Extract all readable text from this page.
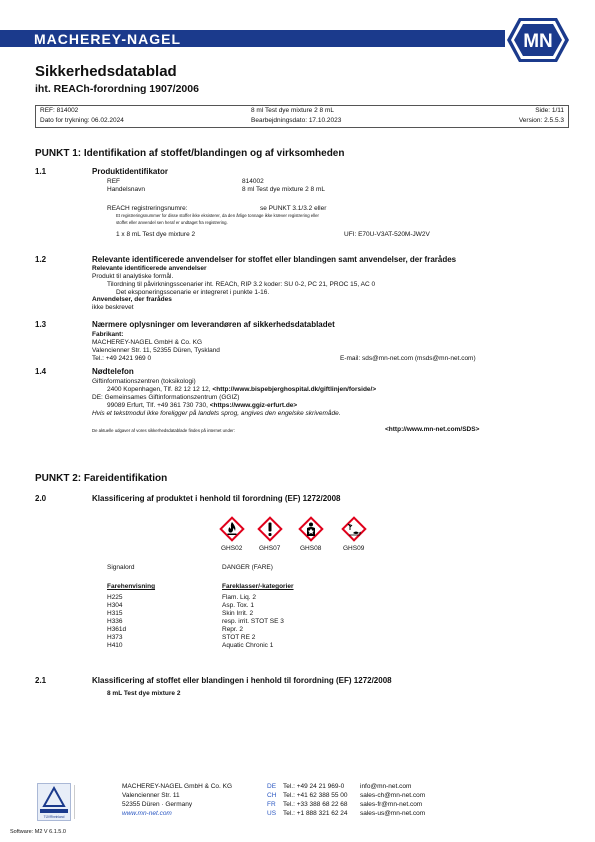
MACHEREY-NAGEL	MN
Sikkerhedsdatablad
iht. REACh-forordning 1907/2006
REF: 814002	8 ml Test dye mixture 2 8 mL	Side: 1/11
Dato for trykning: 06.02.2024	Bearbejdningsdato: 17.10.2023	Version: 2.5.5.3
PUNKT 1: Identifikation af stoffet/blandingen og af virksomheden
1.1	Produktidentifikator
REF	814002
Handelsnavn	8 ml Test dye mixture 2 8 mL
REACH registreringsnumre:	se PUNKT 3.1/3.2 eller
Et registreringsnummer for disse stoffer ikke eksisterer, da den årlige tonnage ikke kræver registrering eller
stoffet eller anvendel sen heraf er undtaget fra registrering.
1 x 8 mL Test dye mixture 2	UFI: E70U-V3AT-520M-JW2V
1.2	Relevante identificerede anvendelser for stoffet eller blandingen samt anvendelser, der frarådes
Relevante identificerede anvendelser
Produkt til analytiske formål.
Tilordning til påvirkningsscenarier iht. REACh, RIP 3.2 koder: SU 0-2, PC 21, PROC 15, AC 0
Det eksponeringsscenarie er integreret i punkte 1-16.
Anvendelser, der frarådes
ikke beskrevet
1.3	Nærmere oplysninger om leverandøren af sikkerhedsdatabladet
Fabrikant:
MACHEREY-NAGEL GmbH & Co. KG
Valencienner Str. 11, 52355 Düren, Tyskland
Tel.: +49 2421 969 0	E-mail: sds@mn-net.com (msds@mn-net.com)
1.4	Nødtelefon
Giftinformationszentren (toksikologi)
2400 Kopenhagen, Tlf. 82 12 12 12, <http://www.bispebjerghospital.dk/giftlinjen/forside/>
DE: Gemeinsames Giftinformationszentrum (GGIZ)
99089 Erfurt, Tlf. +49 361 730 730, <https://www.ggiz-erfurt.de>
Hvis et tekstmodul ikke foreligger på landets sprog, angives den engelske skrivemåde.
De aktuelle udgaver af vores sikkerhedsdatablade findes på internet under:	<http://www.mn-net.com/SDS>
PUNKT 2: Fareidentifikation
2.0	Klassificering af produktet i henhold til forordning (EF) 1272/2008
GHS02	GHS07	GHS08	GHS09
Signalord	DANGER (FARE)
Farehenvisning	Fareklasser/-kategorier
H225	Flam. Liq. 2
H304	Asp. Tox. 1
H315	Skin Irrit. 2
H336	resp. irrit. STOT SE 3
H361d	Repr. 2
H373	STOT RE 2
H410	Aquatic Chronic 1
2.1	Klassificering af stoffet eller blandingen i henhold til forordning (EF) 1272/2008
8 mL Test dye mixture 2
TÜVRheinland
MACHEREY-NAGEL GmbH & Co. KG
Valencienner Str. 11
52355 Düren · Germany
www.mn-net.com
DE Tel.: +49 24 21 969-0 info@mn-net.com
CH Tel.: +41 62 388 55 00 sales-ch@mn-net.com
FR Tel.: +33 388 68 22 68 sales-fr@mn-net.com
US Tel.: +1 888 321 62 24 sales-us@mn-net.com
Software: M2 V 6.1.5.0
